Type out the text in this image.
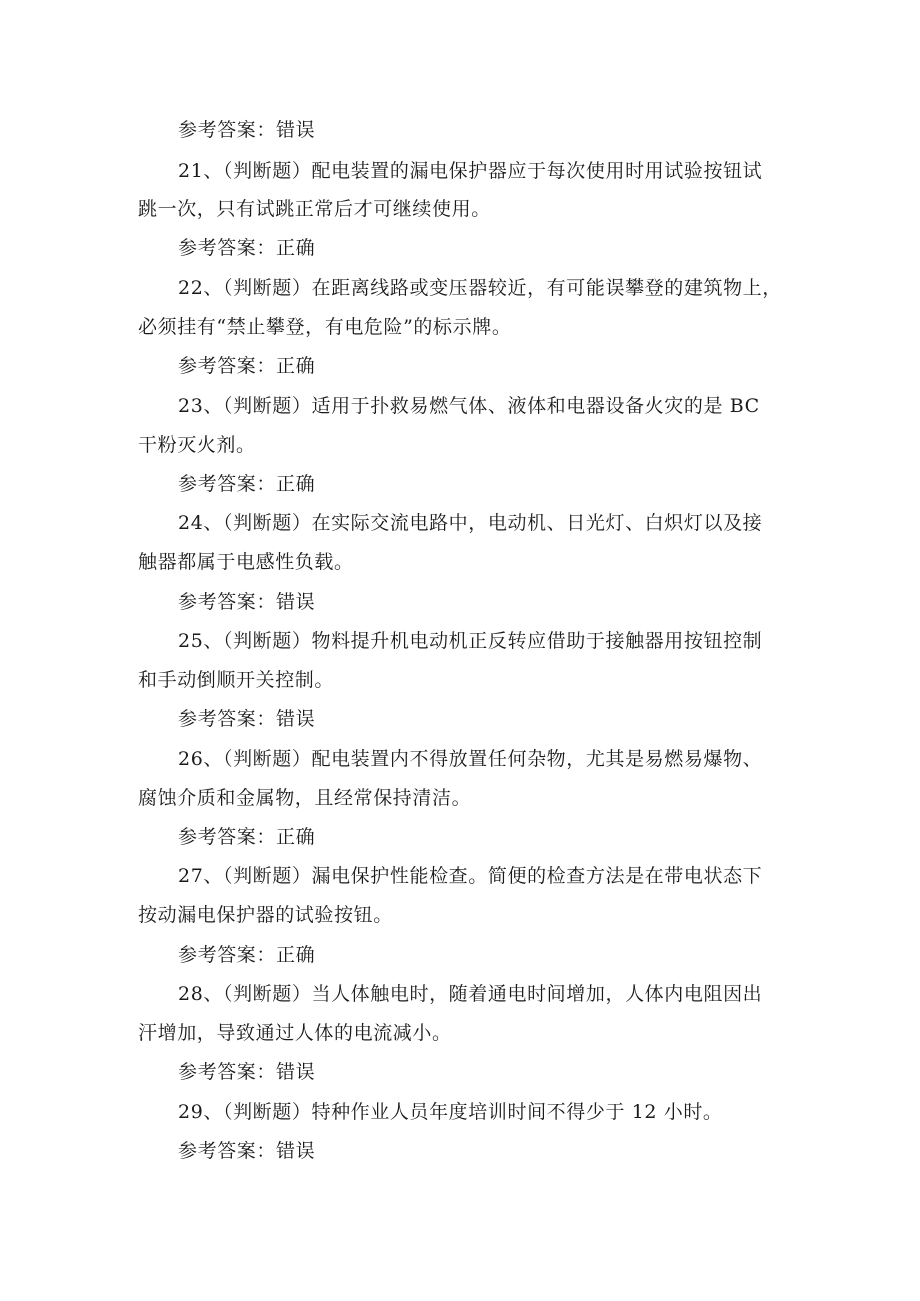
参考答案：错误
21、（判断题）配电装置的漏电保护器应于每次使用时用试验按钮试
跳一次，只有试跳正常后才可继续使用。
参考答案：正确
22、（判断题）在距离线路或变压器较近，有可能误攀登的建筑物上，
必须挂有“禁止攀登，有电危险”的标示牌。
参考答案：正确
23、（判断题）适用于扑救易燃气体、液体和电器设备火灾的是 BC
干粉灭火剂。
参考答案：正确
24、（判断题）在实际交流电路中，电动机、日光灯、白炽灯以及接
触器都属于电感性负载。
参考答案：错误
25、（判断题）物料提升机电动机正反转应借助于接触器用按钮控制
和手动倒顺开关控制。
参考答案：错误
26、（判断题）配电装置内不得放置任何杂物，尤其是易燃易爆物、
腐蚀介质和金属物，且经常保持清洁。
参考答案：正确
27、（判断题）漏电保护性能检查。简便的检查方法是在带电状态下
按动漏电保护器的试验按钮。
参考答案：正确
28、（判断题）当人体触电时，随着通电时间增加，人体内电阻因出
汗增加，导致通过人体的电流减小。
参考答案：错误
29、（判断题）特种作业人员年度培训时间不得少于 12 小时。
参考答案：错误
